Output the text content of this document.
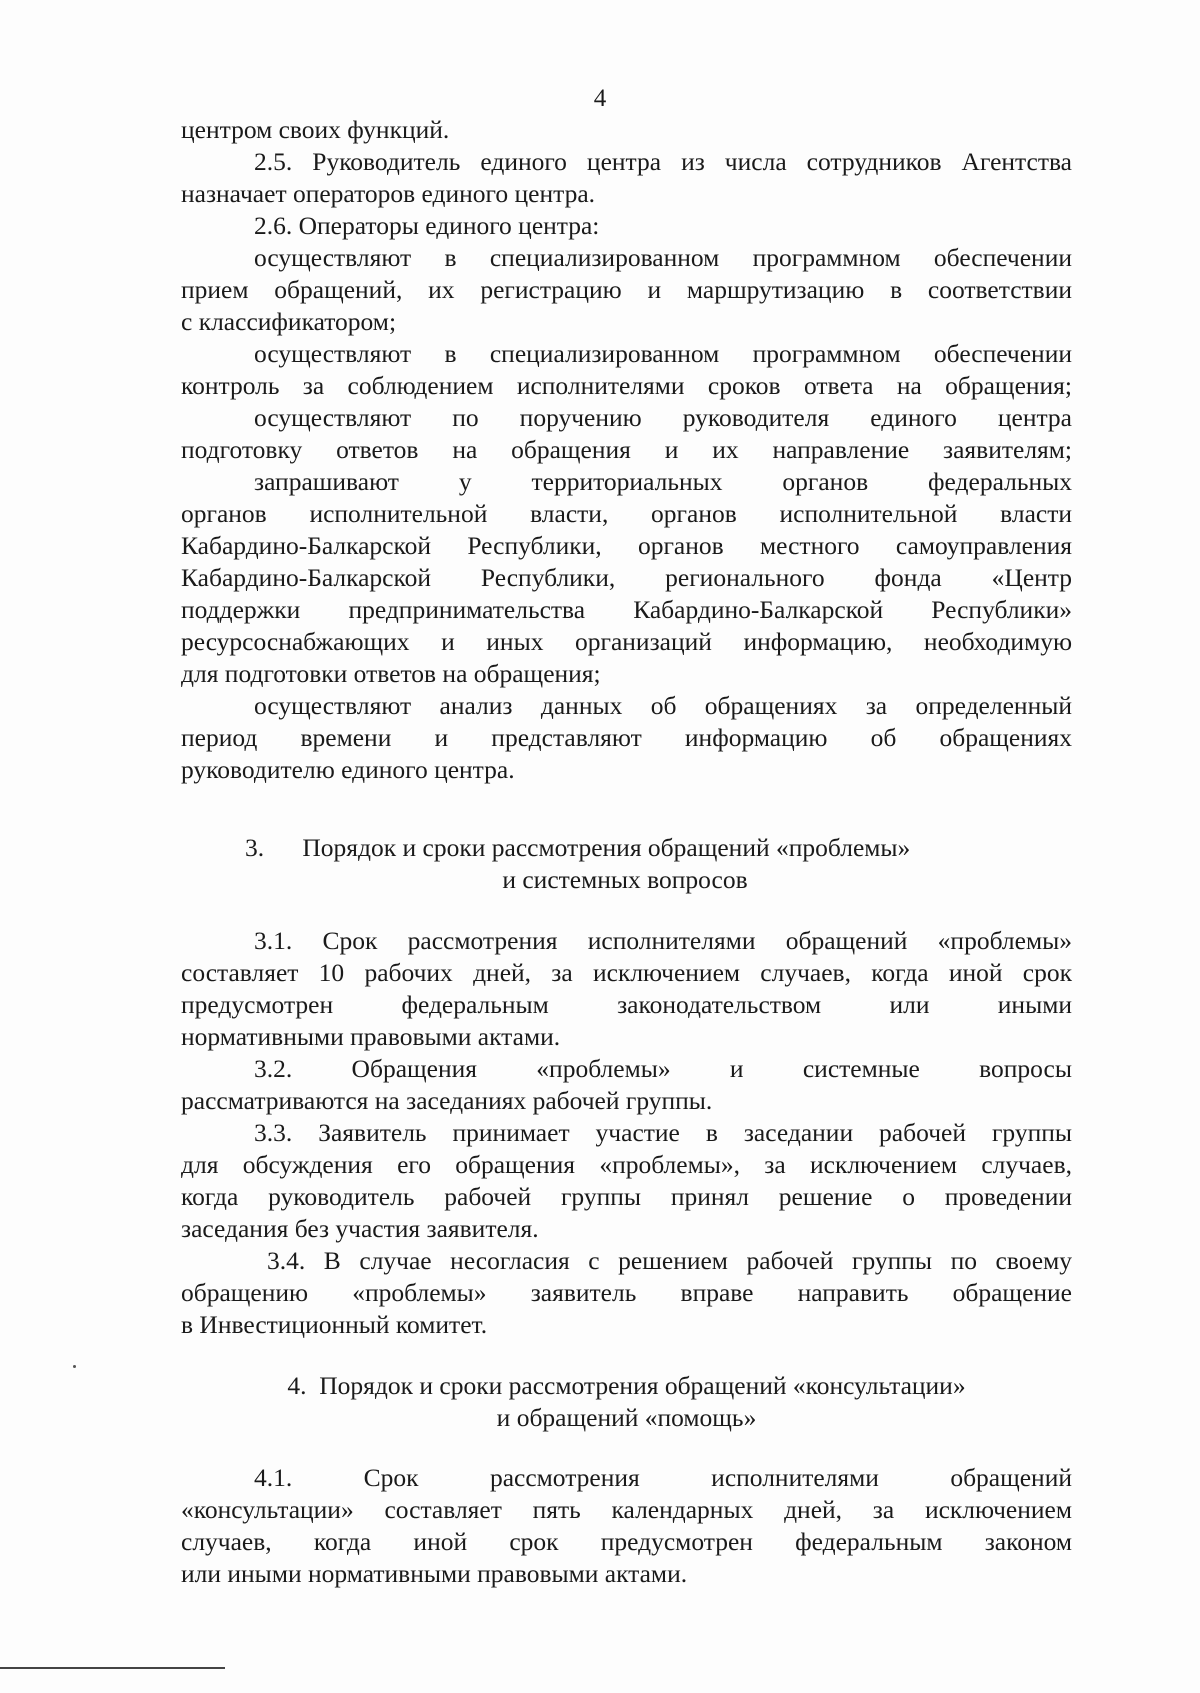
4

центром своих функций.

2.5. Руководитель единого центра из числа сотрудников Агентства

назначает операторов единого центра.

2.6. Операторы единого центра:

осуществляют в специализированном программном обеспечении

прием обращений, их регистрацию и маршрутизацию в соответствии

с классификатором;

осуществляют в специализированном программном обеспечении

контроль за соблюдением исполнителями сроков ответа на обращения;

осуществляют по поручению руководителя единого центра

подготовку ответов на обращения и их направление заявителям;

запрашивают у территориальных органов федеральных

органов исполнительной власти, органов исполнительной власти

Кабардино-Балкарской Республики, органов местного самоуправления

Кабардино-Балкарской Республики, регионального фонда «Центр

поддержки предпринимательства Кабардино-Балкарской Республики»

ресурсоснабжающих и иных организаций информацию, необходимую

для подготовки ответов на обращения;

осуществляют анализ данных об обращениях за определенный

период времени и представляют информацию об обращениях

руководителю единого центра.

3.      Порядок и сроки рассмотрения обращений «проблемы»
и системных вопросов

3.1. Срок рассмотрения исполнителями обращений «проблемы»

составляет 10 рабочих дней, за исключением случаев, когда иной срок

предусмотрен федеральным законодательством или иными

нормативными правовыми актами.

3.2. Обращения «проблемы» и системные вопросы

рассматриваются на заседаниях рабочей группы.

3.3. Заявитель принимает участие в заседании рабочей группы

для обсуждения его обращения «проблемы», за исключением случаев,

когда руководитель рабочей группы принял решение о проведении

заседания без участия заявителя.

3.4. В случае несогласия с решением рабочей группы по своему

обращению «проблемы» заявитель вправе направить обращение

в Инвестиционный комитет.

4.  Порядок и сроки рассмотрения обращений «консультации»
и обращений «помощь»

4.1. Срок рассмотрения исполнителями обращений

«консультации» составляет пять календарных дней, за исключением

случаев, когда иной срок предусмотрен федеральным законом

или иными нормативными правовыми актами.
